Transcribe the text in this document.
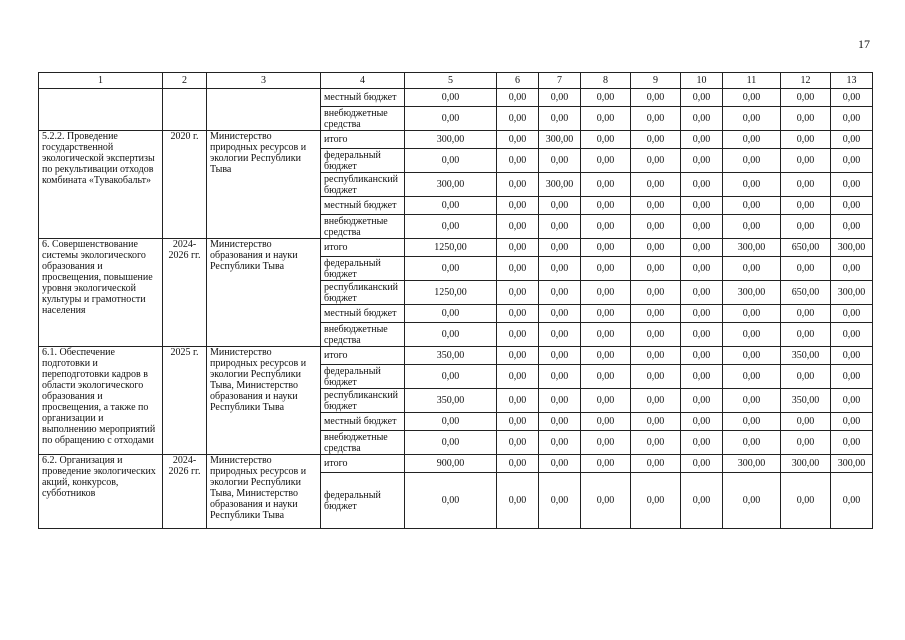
17
1	2	3	4	5	6	7	8	9	10	11	12	13
			местный бюджет	0,00	0,00	0,00	0,00	0,00	0,00	0,00	0,00	0,00
			внебюджетные средства	0,00	0,00	0,00	0,00	0,00	0,00	0,00	0,00	0,00
5.2.2. Проведение государственной экологической экспертизы по рекультивации отходов комбината «Тувакобальт»	2020 г.	Министерство природных ресурсов и экологии Республики Тыва	итого	300,00	0,00	300,00	0,00	0,00	0,00	0,00	0,00	0,00
			федеральный бюджет	0,00	0,00	0,00	0,00	0,00	0,00	0,00	0,00	0,00
			республиканский бюджет	300,00	0,00	300,00	0,00	0,00	0,00	0,00	0,00	0,00
			местный бюджет	0,00	0,00	0,00	0,00	0,00	0,00	0,00	0,00	0,00
			внебюджетные средства	0,00	0,00	0,00	0,00	0,00	0,00	0,00	0,00	0,00
6. Совершенствование системы экологического образования и просвещения, повышение уровня экологической культуры и грамотности населения	2024-2026 гг.	Министерство образования и науки Республики Тыва	итого	1250,00	0,00	0,00	0,00	0,00	0,00	300,00	650,00	300,00
			федеральный бюджет	0,00	0,00	0,00	0,00	0,00	0,00	0,00	0,00	0,00
			республиканский бюджет	1250,00	0,00	0,00	0,00	0,00	0,00	300,00	650,00	300,00
			местный бюджет	0,00	0,00	0,00	0,00	0,00	0,00	0,00	0,00	0,00
			внебюджетные средства	0,00	0,00	0,00	0,00	0,00	0,00	0,00	0,00	0,00
6.1. Обеспечение подготовки и переподготовки кадров в области экологического образования и просвещения, а также по организации и выполнению мероприятий по обращению с отходами	2025 г.	Министерство природных ресурсов и экологии Республики Тыва, Министерство образования и науки Республики Тыва	итого	350,00	0,00	0,00	0,00	0,00	0,00	0,00	350,00	0,00
			федеральный бюджет	0,00	0,00	0,00	0,00	0,00	0,00	0,00	0,00	0,00
			республиканский бюджет	350,00	0,00	0,00	0,00	0,00	0,00	0,00	350,00	0,00
			местный бюджет	0,00	0,00	0,00	0,00	0,00	0,00	0,00	0,00	0,00
			внебюджетные средства	0,00	0,00	0,00	0,00	0,00	0,00	0,00	0,00	0,00
6.2. Организация и проведение экологических акций, конкурсов, субботников	2024-2026 гг.	Министерство природных ресурсов и экологии Республики Тыва, Министерство образования и науки Республики Тыва	итого	900,00	0,00	0,00	0,00	0,00	0,00	300,00	300,00	300,00
			федеральный бюджет	0,00	0,00	0,00	0,00	0,00	0,00	0,00	0,00	0,00
